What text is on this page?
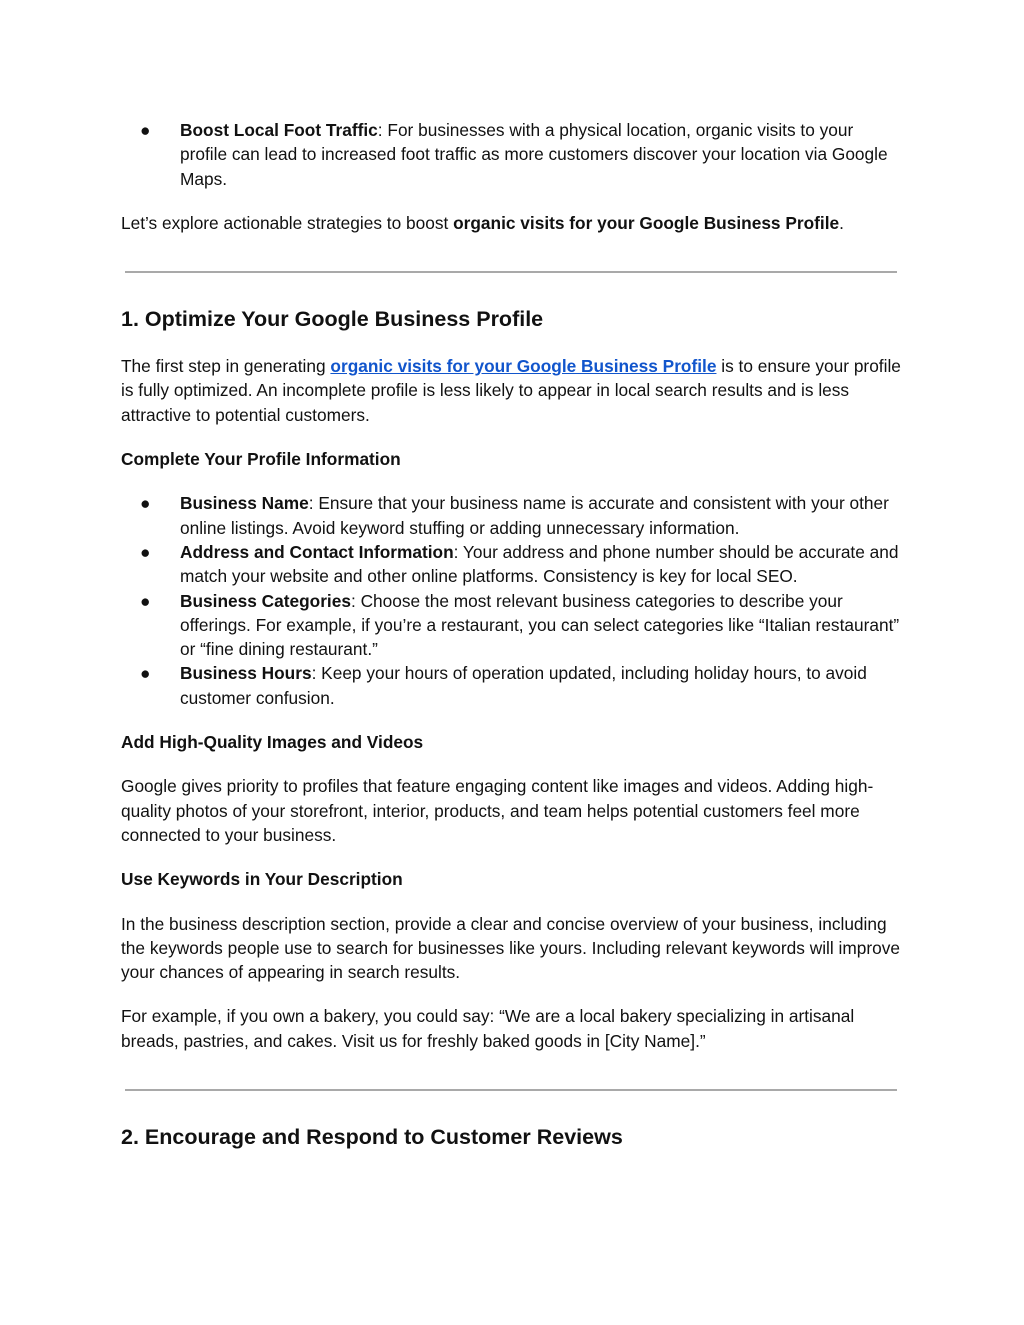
● Boost Local Foot Traffic: For businesses with a physical location, organic visits to your profile can lead to increased foot traffic as more customers discover your location via Google Maps.

Let’s explore actionable strategies to boost organic visits for your Google Business Profile.

1. Optimize Your Google Business Profile

The first step in generating organic visits for your Google Business Profile is to ensure your profile is fully optimized. An incomplete profile is less likely to appear in local search results and is less attractive to potential customers.

Complete Your Profile Information
● Business Name: Ensure that your business name is accurate and consistent with your other online listings. Avoid keyword stuffing or adding unnecessary information.
● Address and Contact Information: Your address and phone number should be accurate and match your website and other online platforms. Consistency is key for local SEO.
● Business Categories: Choose the most relevant business categories to describe your offerings. For example, if you’re a restaurant, you can select categories like “Italian restaurant” or “fine dining restaurant.”
● Business Hours: Keep your hours of operation updated, including holiday hours, to avoid customer confusion.
Add High-Quality Images and Videos

Google gives priority to profiles that feature engaging content like images and videos. Adding high-quality photos of your storefront, interior, products, and team helps potential customers feel more connected to your business.

Use Keywords in Your Description

In the business description section, provide a clear and concise overview of your business, including the keywords people use to search for businesses like yours. Including relevant keywords will improve your chances of appearing in search results.

For example, if you own a bakery, you could say: “We are a local bakery specializing in artisanal breads, pastries, and cakes. Visit us for freshly baked goods in [City Name].”

2. Encourage and Respond to Customer Reviews
